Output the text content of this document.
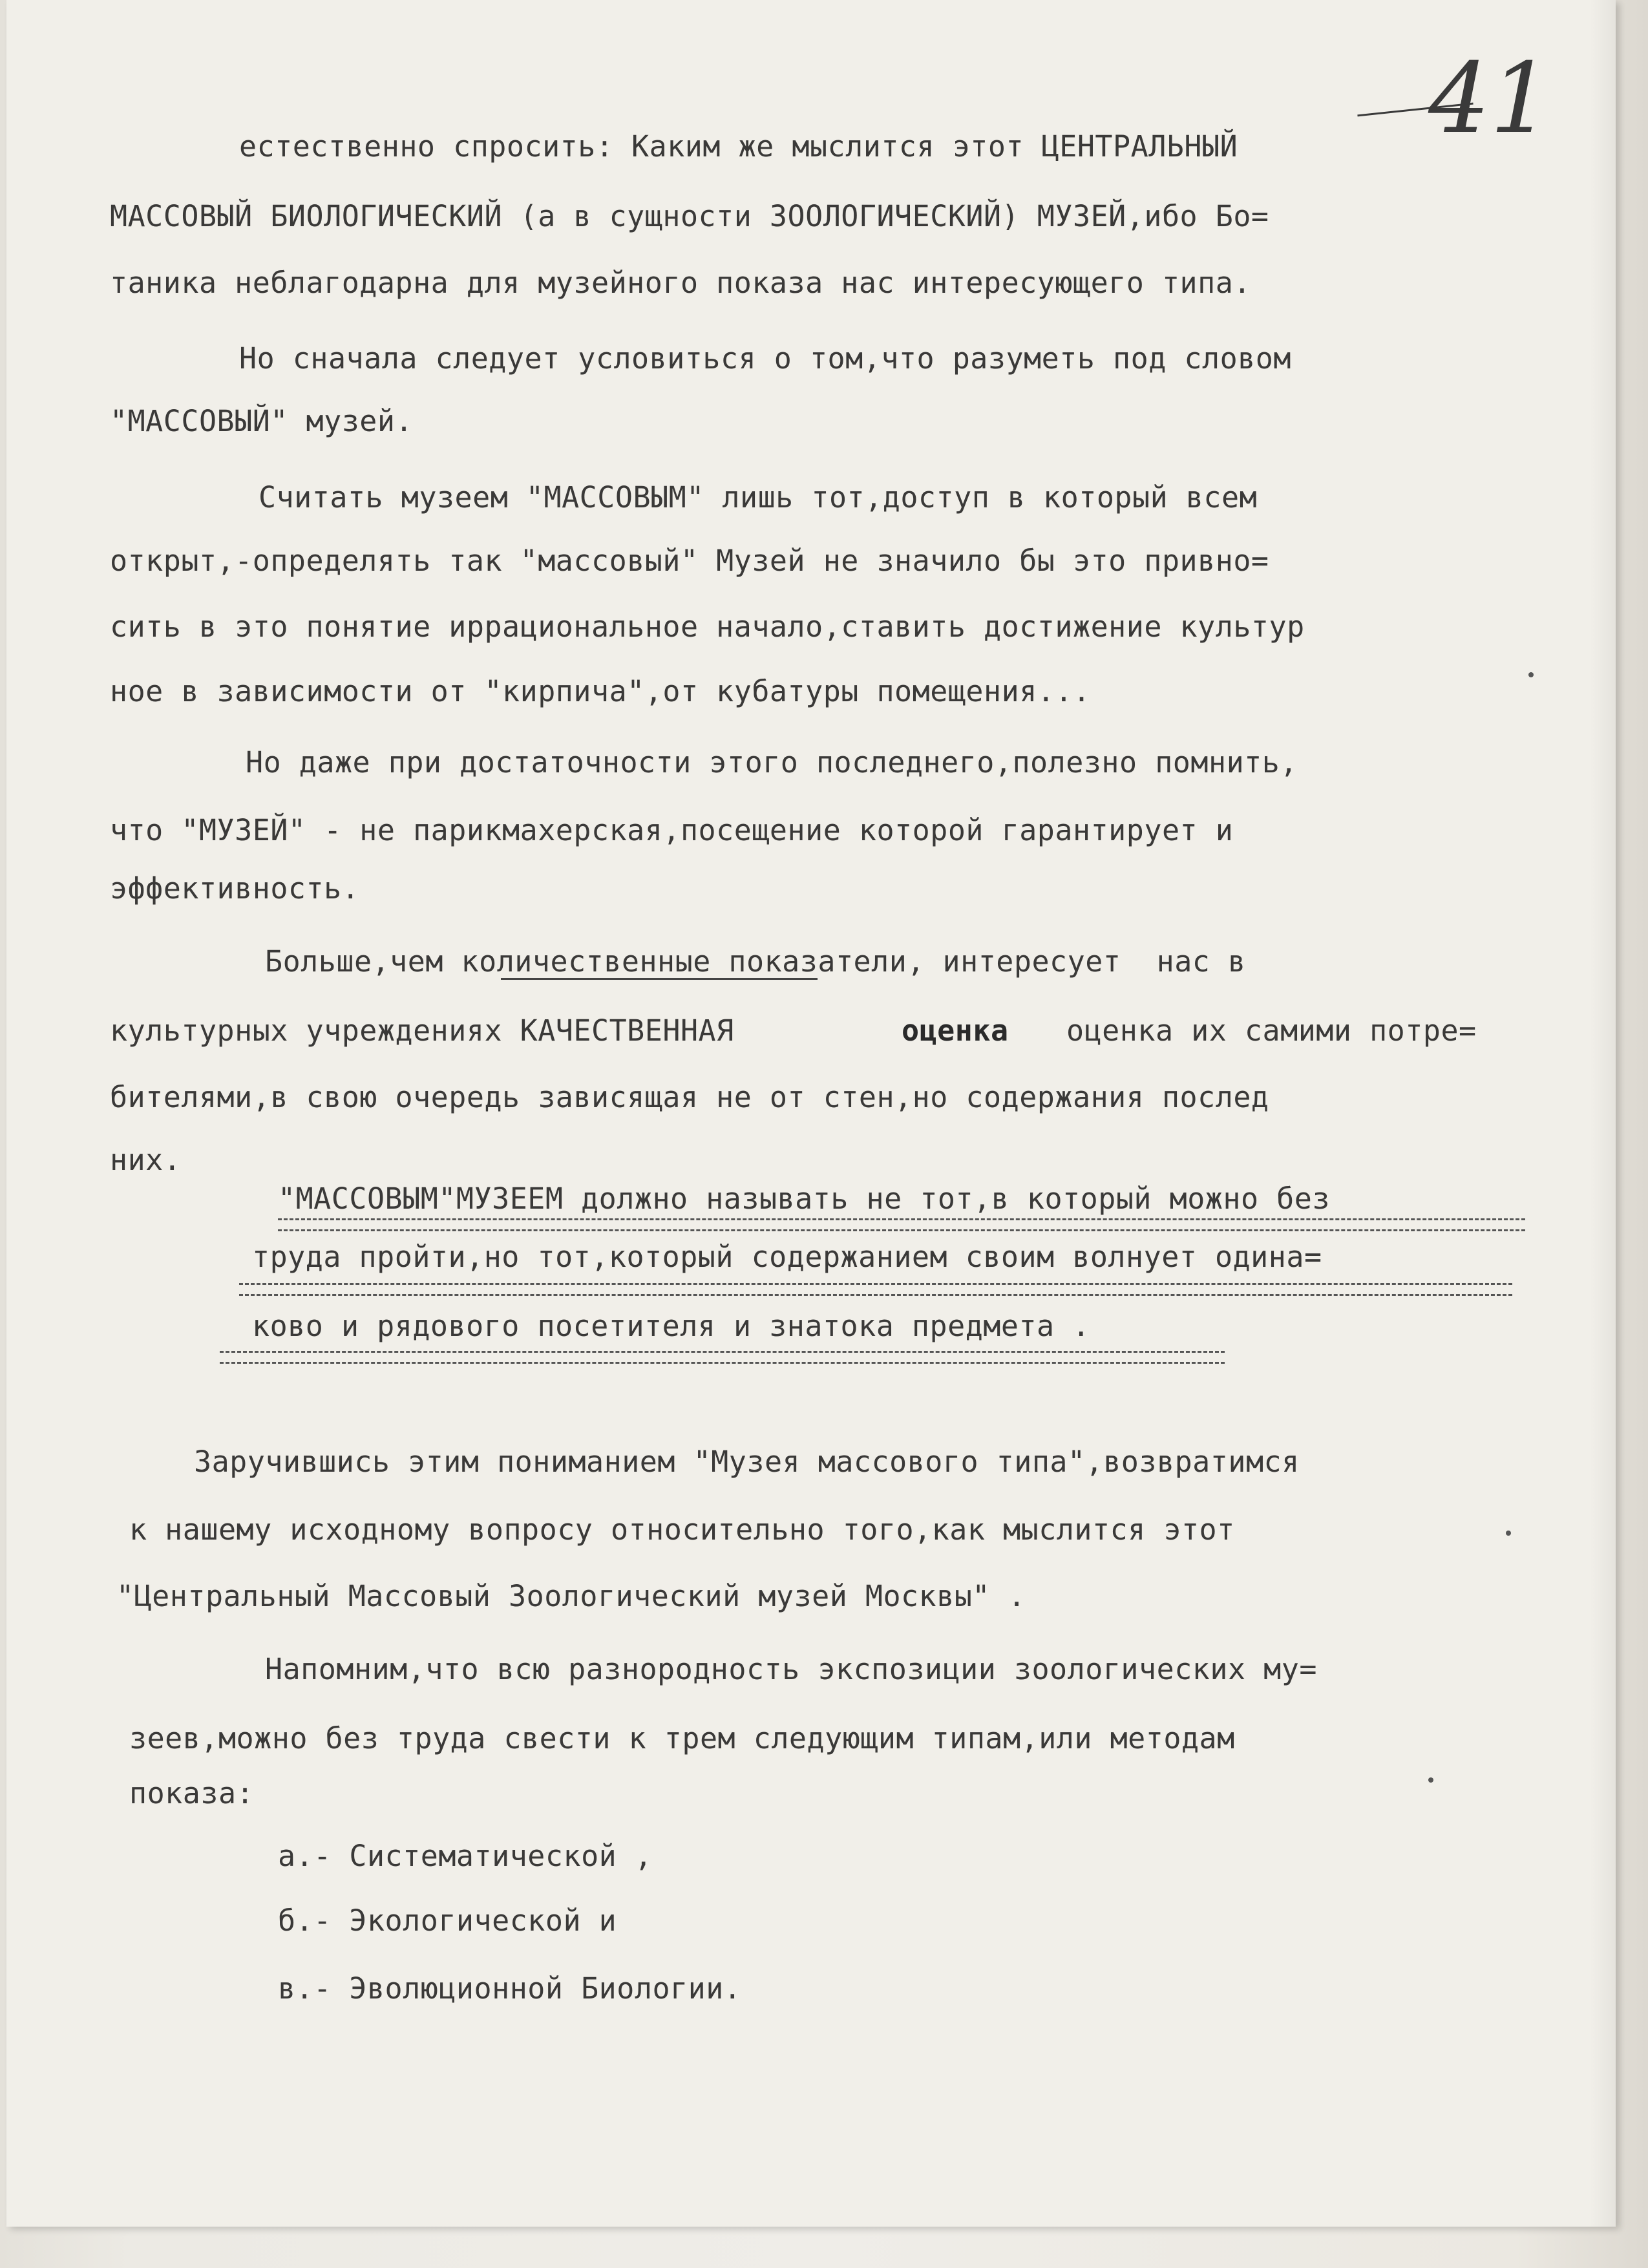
41
естественно спросить: Каким же мыслится этот ЦЕНТРАЛЬНЫЙ
МАССОВЫЙ БИОЛОГИЧЕСКИЙ (а в сущности ЗООЛОГИЧЕСКИЙ) МУЗЕЙ,ибо Бо=
таника неблагодарна для музейного показа нас интересующего типа.
Но сначала следует условиться о том,что разуметь под словом
"МАССОВЫЙ" музей.
Считать музеем "МАССОВЫМ" лишь тот,доступ в который всем
открыт,-определять так "массовый" Музей не значило бы это привно=
сить в это понятие иррациональное начало,ставить достижение культур
ное в зависимости от "кирпича",от кубатуры помещения...
Но даже при достаточности этого последнего,полезно помнить,
что "МУЗЕЙ" - не парикмахерская,посещение которой гарантирует и
эффективность.
Больше,чем количественные показатели, интересует  нас в
культурных учреждениях КАЧЕСТВЕННАЯ	оценка оценка их самими потре=
бителями,в свою очередь зависящая не от стен,но содержания послед
них.
"МАССОВЫМ"МУЗЕЕМ должно называть не тот,в который можно без
труда пройти,но тот,который содержанием своим волнует одина=
ково и рядового посетителя и знатока предмета .
Заручившись этим пониманием "Музея массового типа",возвратимся
к нашему исходному вопросу относительно того,как мыслится этот
"Центральный Массовый Зоологический музей Москвы" .
Напомним,что всю разнородность экспозиции зоологических му=
зеев,можно без труда свести к трем следующим типам,или методам
показа:
а.- Систематической ,
б.- Экологической и
в.- Эволюционной Биологии.
